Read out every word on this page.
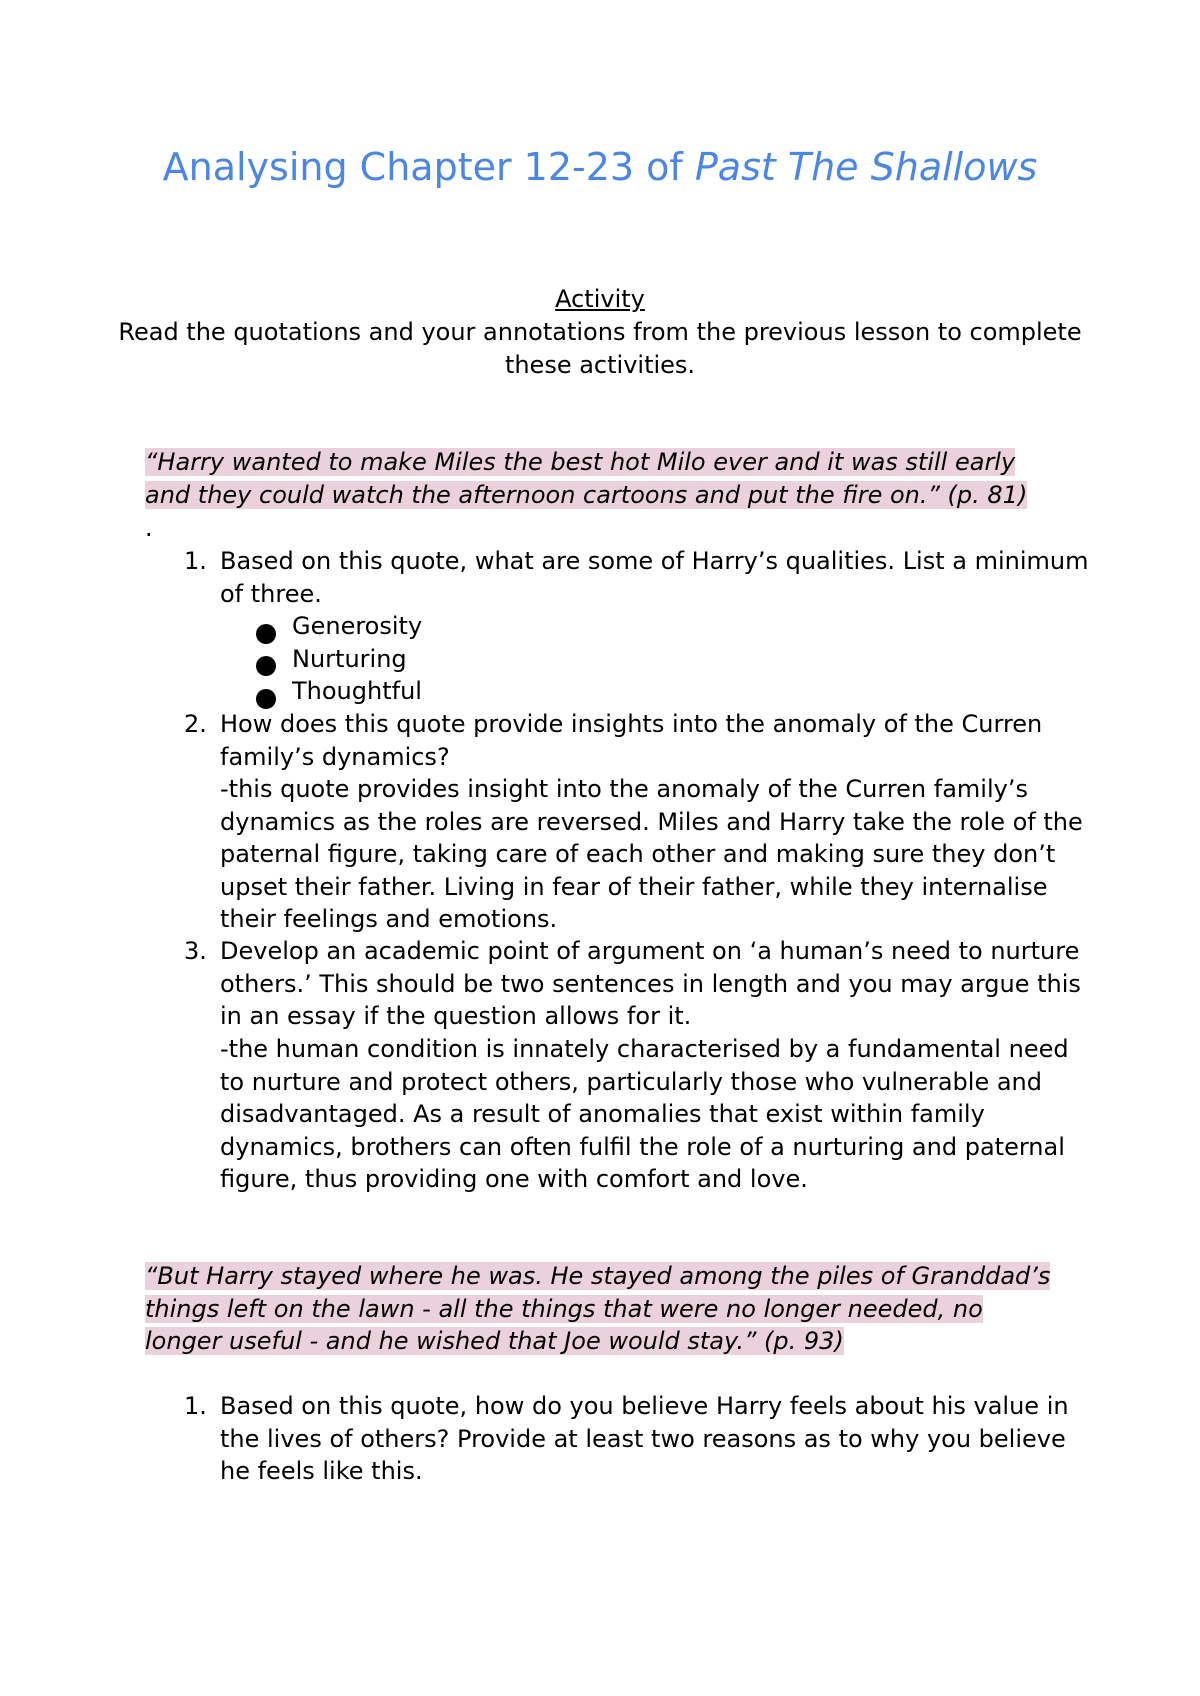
Analysing Chapter 12-23 of Past The Shallows
Activity
Read the quotations and your annotations from the previous lesson to complete these activities.
“Harry wanted to make Miles the best hot Milo ever and it was still early and they could watch the afternoon cartoons and put the fire on.” (p. 81)
.
1. Based on this quote, what are some of Harry’s qualities. List a minimum of three.
Generosity
Nurturing
Thoughtful
2. How does this quote provide insights into the anomaly of the Curren family’s dynamics?
-this quote provides insight into the anomaly of the Curren family’s dynamics as the roles are reversed. Miles and Harry take the role of the paternal figure, taking care of each other and making sure they don’t upset their father. Living in fear of their father, while they internalise their feelings and emotions.
3. Develop an academic point of argument on ‘a human’s need to nurture others.’ This should be two sentences in length and you may argue this in an essay if the question allows for it.
-the human condition is innately characterised by a fundamental need to nurture and protect others, particularly those who vulnerable and disadvantaged. As a result of anomalies that exist within family dynamics, brothers can often fulfil the role of a nurturing and paternal figure, thus providing one with comfort and love.
“But Harry stayed where he was. He stayed among the piles of Granddad’s things left on the lawn - all the things that were no longer needed, no longer useful - and he wished that Joe would stay.” (p. 93)
1. Based on this quote, how do you believe Harry feels about his value in the lives of others? Provide at least two reasons as to why you believe he feels like this.
